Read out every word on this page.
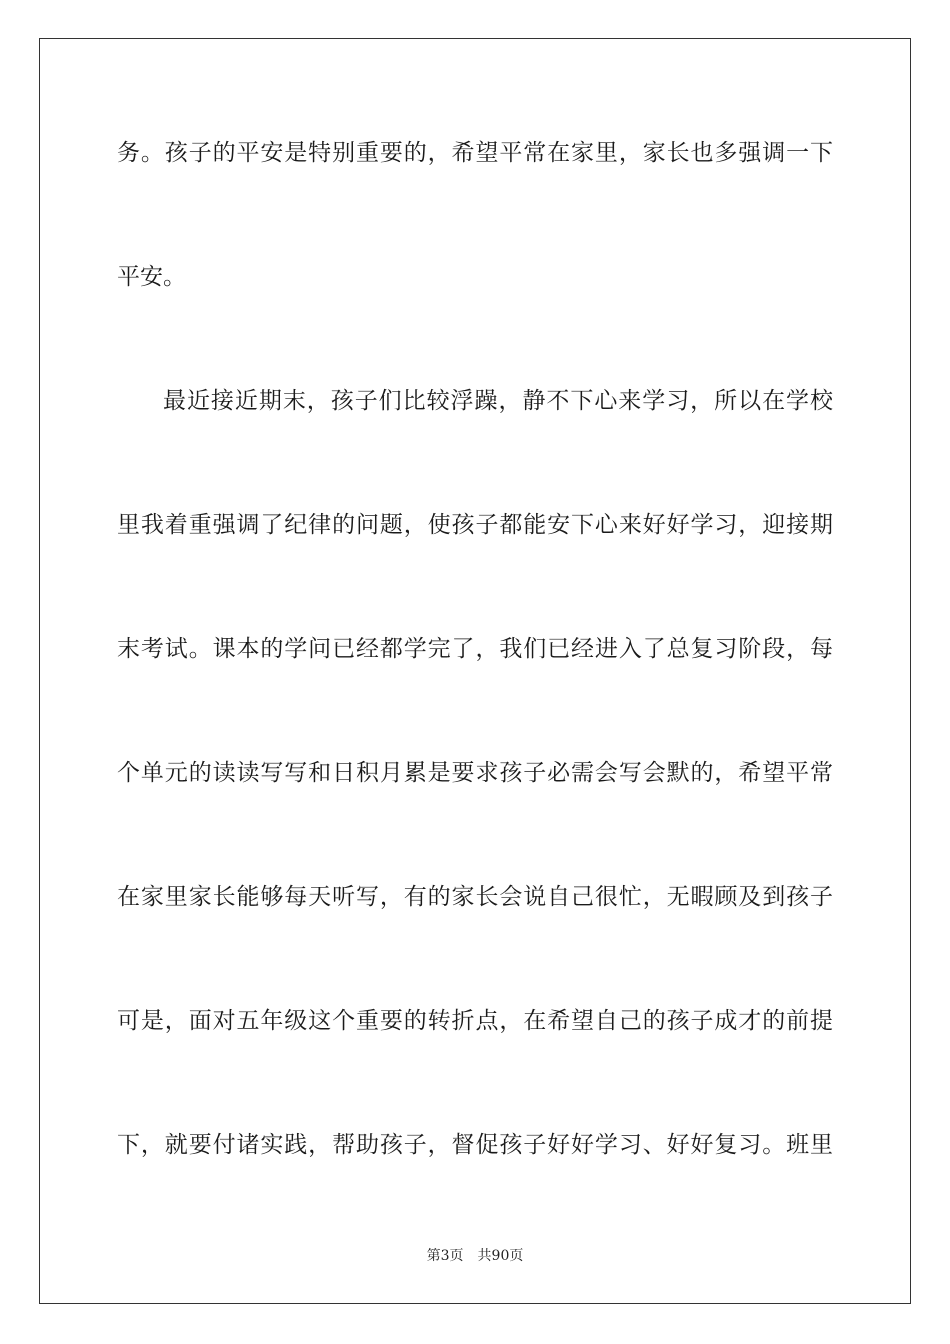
务。孩子的平安是特别重要的，希望平常在家里，家长也多强调一下
平安。
最近接近期末，孩子们比较浮躁，静不下心来学习，所以在学校
里我着重强调了纪律的问题，使孩子都能安下心来好好学习，迎接期
末考试。课本的学问已经都学完了，我们已经进入了总复习阶段，每
个单元的读读写写和日积月累是要求孩子必需会写会默的，希望平常
在家里家长能够每天听写，有的家长会说自己很忙，无暇顾及到孩子
可是，面对五年级这个重要的转折点，在希望自己的孩子成才的前提
下，就要付诸实践，帮助孩子，督促孩子好好学习、好好复习。班里
第3页 共90页
